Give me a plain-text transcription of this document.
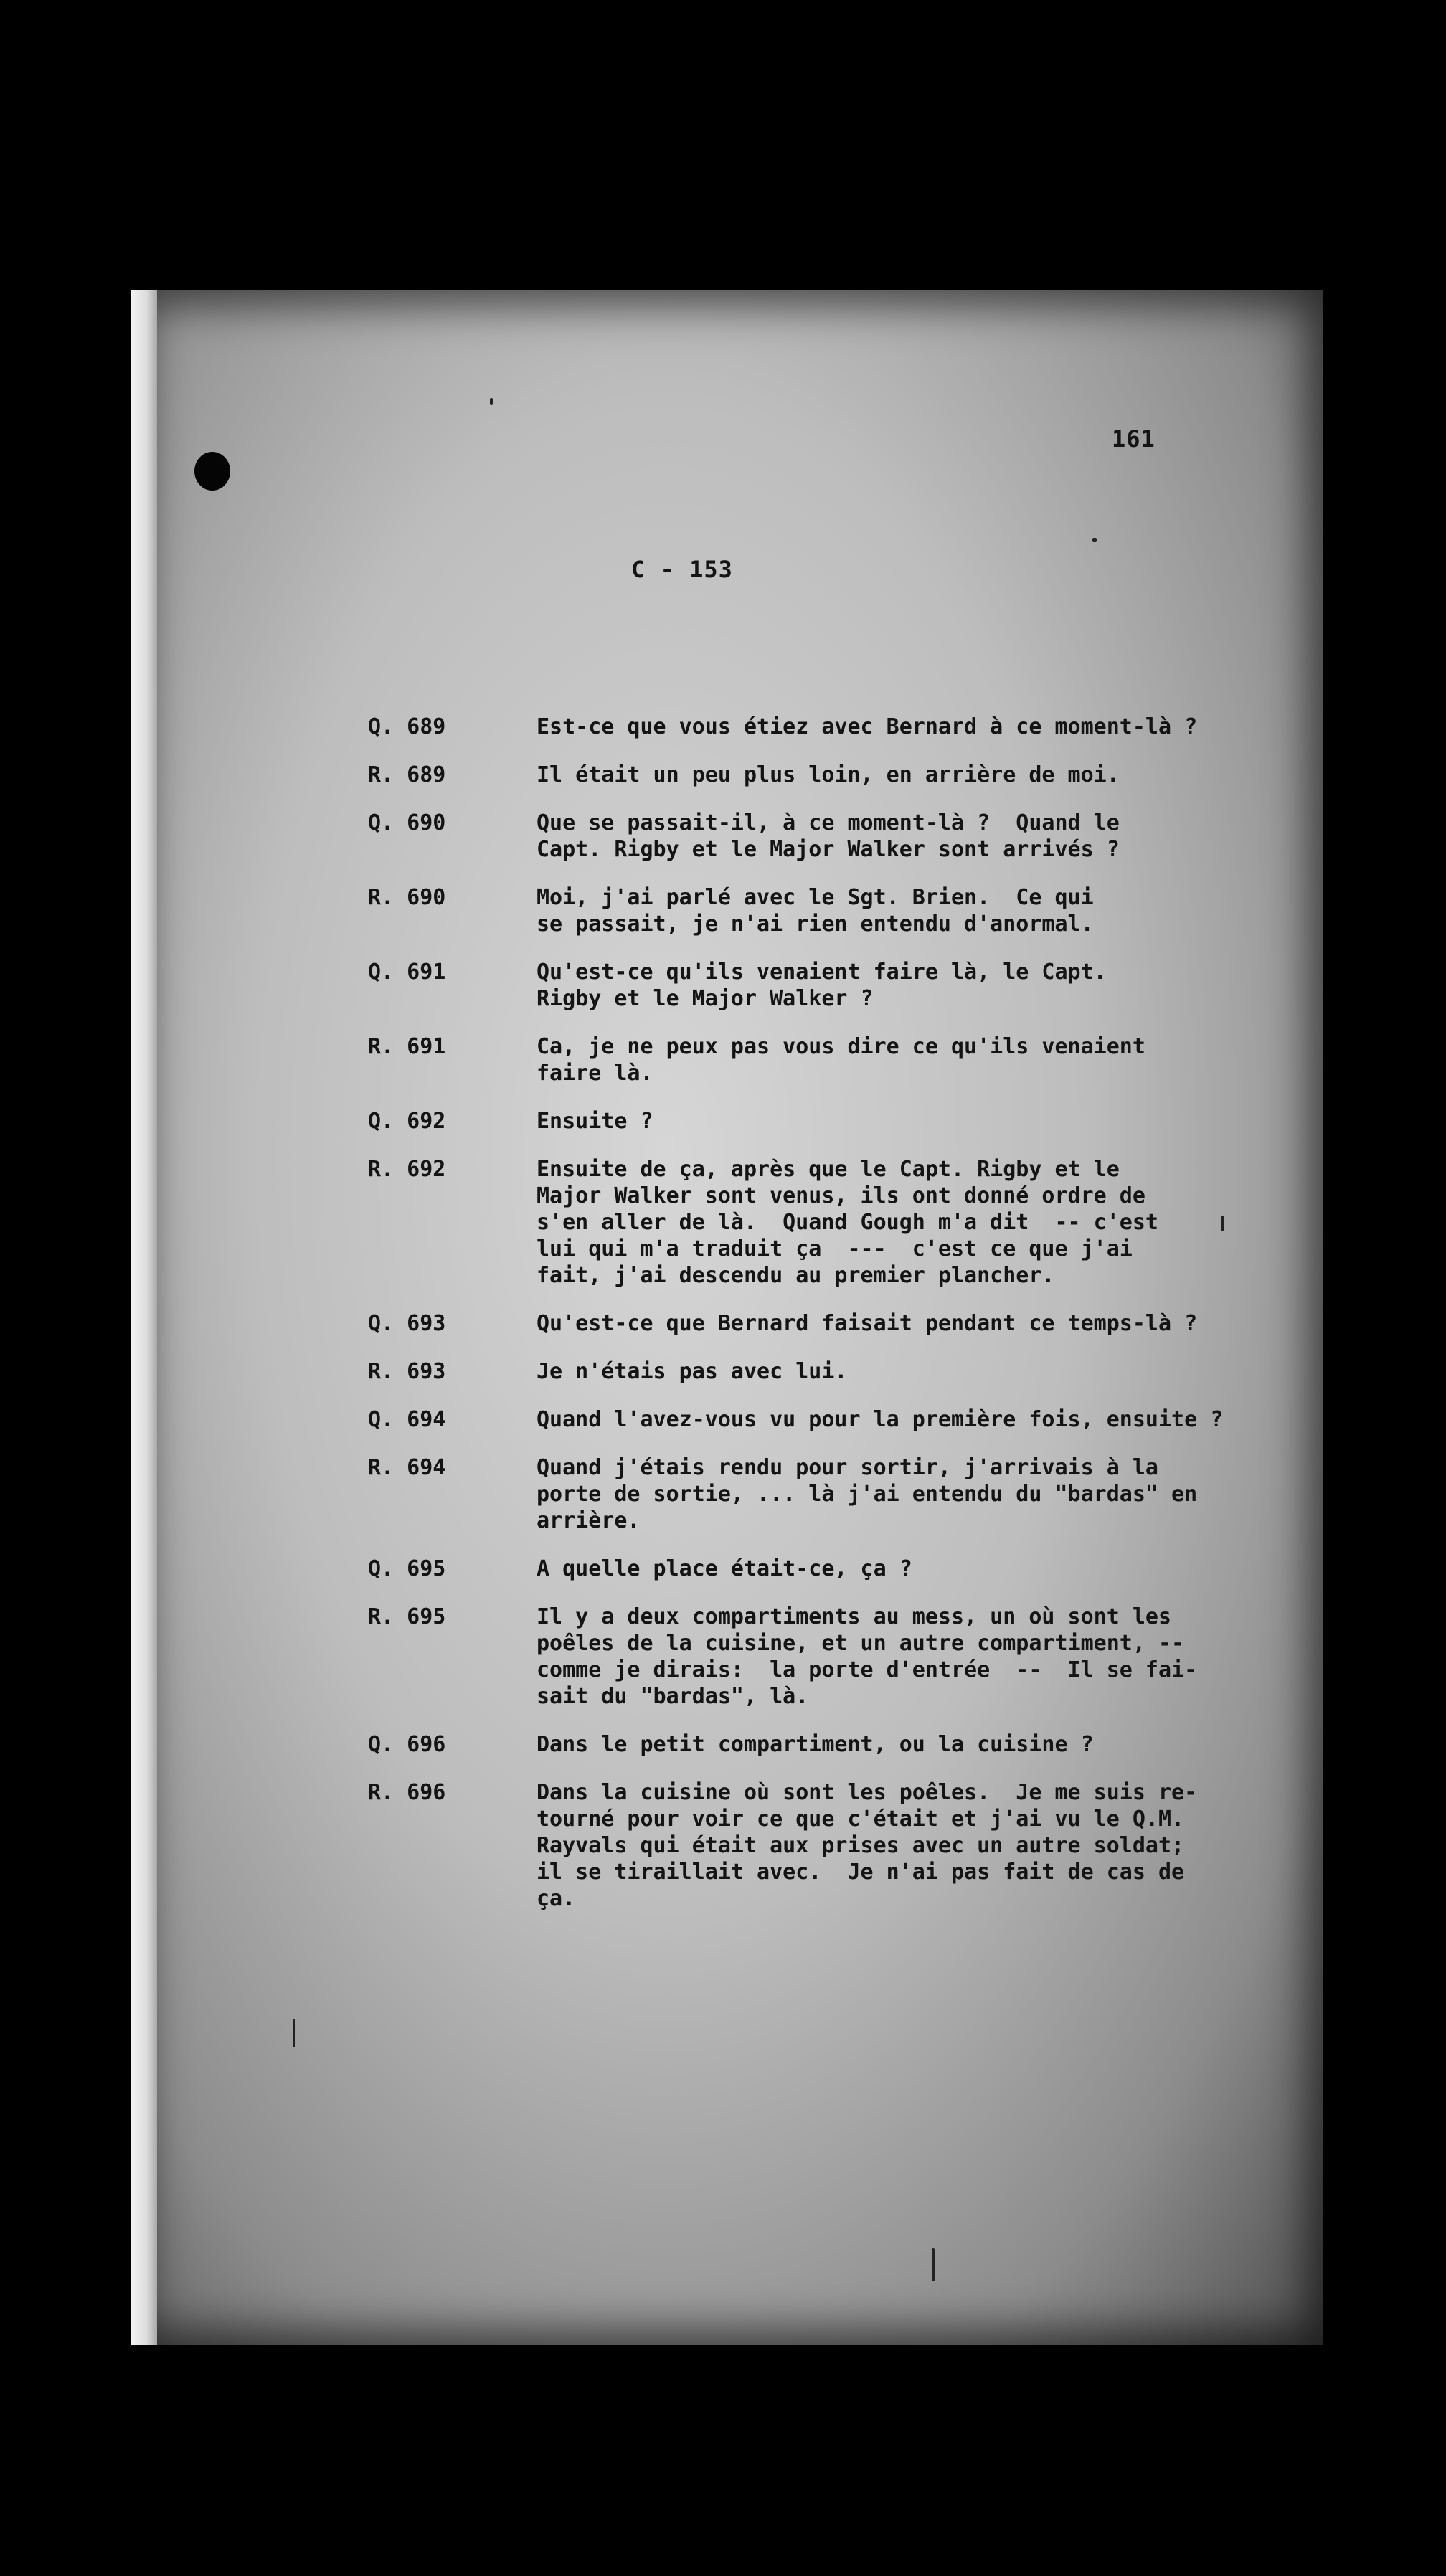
161
C - 153
Q. 689	Est-ce que vous étiez avec Bernard à ce moment-là ?
R. 689	Il était un peu plus loin, en arrière de moi.
Q. 690	Que se passait-il, à ce moment-là ?  Quand le
Capt. Rigby et le Major Walker sont arrivés ?
R. 690	Moi, j'ai parlé avec le Sgt. Brien.  Ce qui
se passait, je n'ai rien entendu d'anormal.
Q. 691	Qu'est-ce qu'ils venaient faire là, le Capt.
Rigby et le Major Walker ?
R. 691	Ca, je ne peux pas vous dire ce qu'ils venaient
faire là.
Q. 692	Ensuite ?
R. 692	Ensuite de ça, après que le Capt. Rigby et le
Major Walker sont venus, ils ont donné ordre de
s'en aller de là.  Quand Gough m'a dit  -- c'est
lui qui m'a traduit ça  ---  c'est ce que j'ai
fait, j'ai descendu au premier plancher.
Q. 693	Qu'est-ce que Bernard faisait pendant ce temps-là ?
R. 693	Je n'étais pas avec lui.
Q. 694	Quand l'avez-vous vu pour la première fois, ensuite ?
R. 694	Quand j'étais rendu pour sortir, j'arrivais à la
porte de sortie, ... là j'ai entendu du "bardas" en
arrière.
Q. 695	A quelle place était-ce, ça ?
R. 695	Il y a deux compartiments au mess, un où sont les
poêles de la cuisine, et un autre compartiment, --
comme je dirais:  la porte d'entrée  --  Il se fai-
sait du "bardas", là.
Q. 696	Dans le petit compartiment, ou la cuisine ?
R. 696	Dans la cuisine où sont les poêles.  Je me suis re-
tourné pour voir ce que c'était et j'ai vu le Q.M.
Rayvals qui était aux prises avec un autre soldat;
il se tiraillait avec.  Je n'ai pas fait de cas de
ça.
